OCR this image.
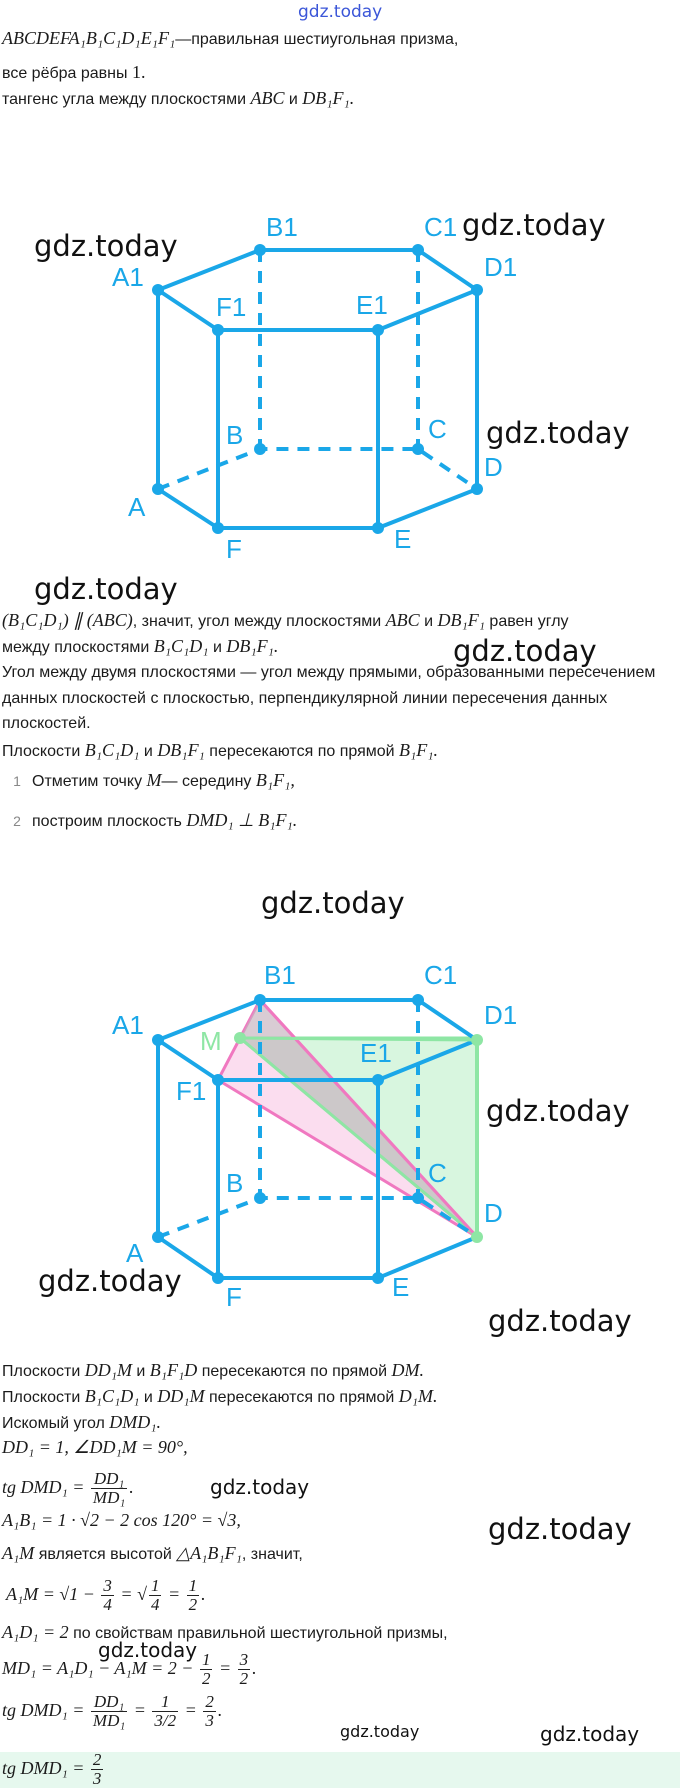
gdz.today
gdz.today
gdz.today
gdz.today
gdz.today
gdz.today
gdz.today
gdz.today
gdz.today
gdz.today
gdz.today
gdz.today
gdz.today
gdz.today	gdz.today
ABCDEFA₁B₁C₁D₁E₁F₁—правильная шестиугольная призма,
все рёбра равны 1.
тангенс угла между плоскостями ABC и DB₁F₁.
A1
B1	C1
D1
E1
F1
A
B	C
D
E
F
(B₁C₁D₁) ∥ (ABC), значит, угол между плоскостями ABC и DB₁F₁ равен углу
между плоскостями B₁C₁D₁ и DB₁F₁.
Угол между двумя плоскостями — угол между прямыми, образованными пересечением
данных плоскостей с плоскостью, перпендикулярной линии пересечения данных
плоскостей.
Плоскости B₁C₁D₁ и DB₁F₁ пересекаются по прямой B₁F₁.
1 Отметим точку M— середину B₁F₁,
2 построим плоскость DMD₁ ⊥ B₁F₁.
B1	C1
A1
M
D1
E1
F1
B	C
D
A
F	E
Плоскости DD₁M и B₁F₁D пересекаются по прямой DM.
Плоскости B₁C₁D₁ и DD₁M пересекаются по прямой D₁M.
Искомый угол DMD₁.
DD₁ = 1, ∠DD₁M = 90°,
tg $DMD_1 = \frac{\text{DD₁}}{\text{MD₁}}$ .
A₁B₁ = 1 · √2 − 2 cos 120° = √3,
A₁M является высотой △A₁B₁F₁, значит,
$A_1M = √1 - \frac{3}{4}$ = √ $\frac{1}{4} = \frac{1}{2}$ .
A₁D₁ = 2 по свойствам правильной шестиугольной призмы,
$MD_1 = A_1D_1 - A_1M = 2 - \frac{1}{2} = \frac{3}{2}$ .
tg $DMD_1 = \frac{\text{DD₁}}{\text{MD₁}} = \frac{1}{3/2} = \frac{2}{3}$ .
tg $DMD_1 = \frac{2}{3}$
